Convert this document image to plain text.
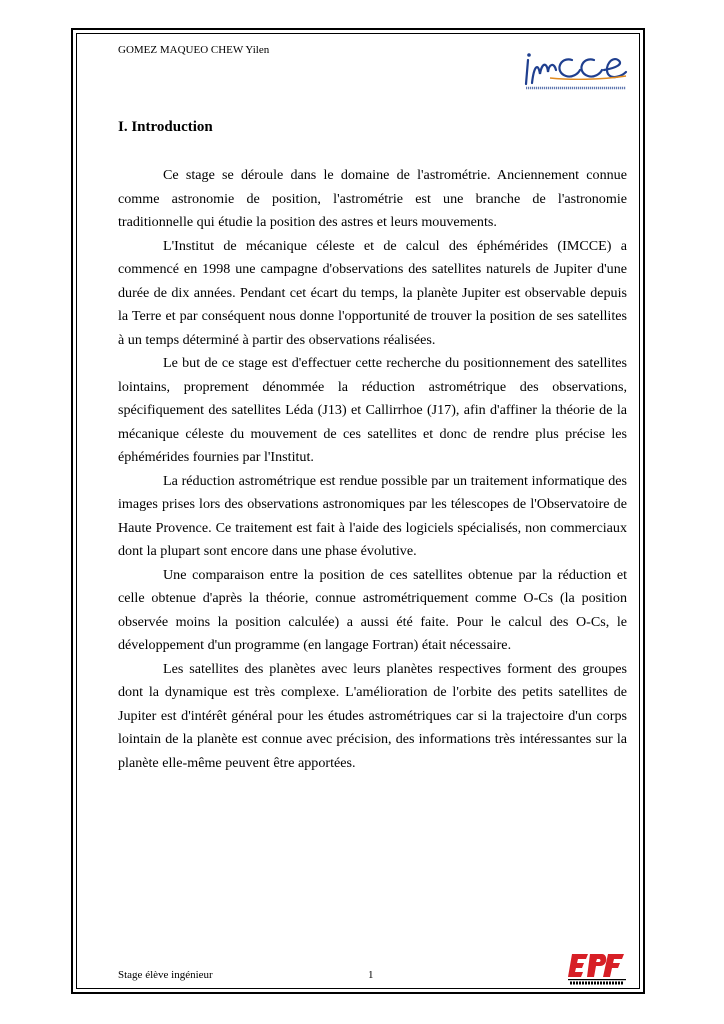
GOMEZ MAQUEO CHEW Yilen
I. Introduction

Ce stage se déroule dans le domaine de l'astrométrie. Anciennement connue comme astronomie de position, l'astrométrie est une branche de l'astronomie traditionnelle qui étudie la position des astres et leurs mouvements.

L'Institut de mécanique céleste et de calcul des éphémérides (IMCCE) a commencé en 1998 une campagne d'observations des satellites naturels de Jupiter d'une durée de dix années. Pendant cet écart du temps, la planète Jupiter est observable depuis la Terre et par conséquent nous donne l'opportunité de trouver la position de ses satellites à un temps déterminé à partir des observations réalisées.

Le but de ce stage est d'effectuer cette recherche du positionnement des satellites lointains, proprement dénommée la réduction astrométrique des observations, spécifiquement des satellites Léda (J13) et Callirrhoe (J17), afin d'affiner la théorie de la mécanique céleste du mouvement de ces satellites et donc de rendre plus précise les éphémérides fournies par l'Institut.

La réduction astrométrique est rendue possible par un traitement informatique des images prises lors des observations astronomiques par les télescopes de l'Observatoire de Haute Provence. Ce traitement est fait à l'aide des logiciels spécialisés, non commerciaux dont la plupart sont encore dans une phase évolutive.

Une comparaison entre la position de ces satellites obtenue par la réduction et celle obtenue d'après la théorie, connue astrométriquement comme O-Cs (la position observée moins la position calculée) a aussi été faite. Pour le calcul des O-Cs, le développement d'un programme (en langage Fortran) était nécessaire.

Les satellites des planètes avec leurs planètes respectives forment des groupes dont la dynamique est très complexe. L'amélioration de l'orbite des petits satellites de Jupiter est d'intérêt général pour les études astrométriques car si la trajectoire d'un corps lointain de la planète est connue avec précision, des informations très intéressantes sur la planète elle-même peuvent être apportées.

Stage élève ingénieur	1
